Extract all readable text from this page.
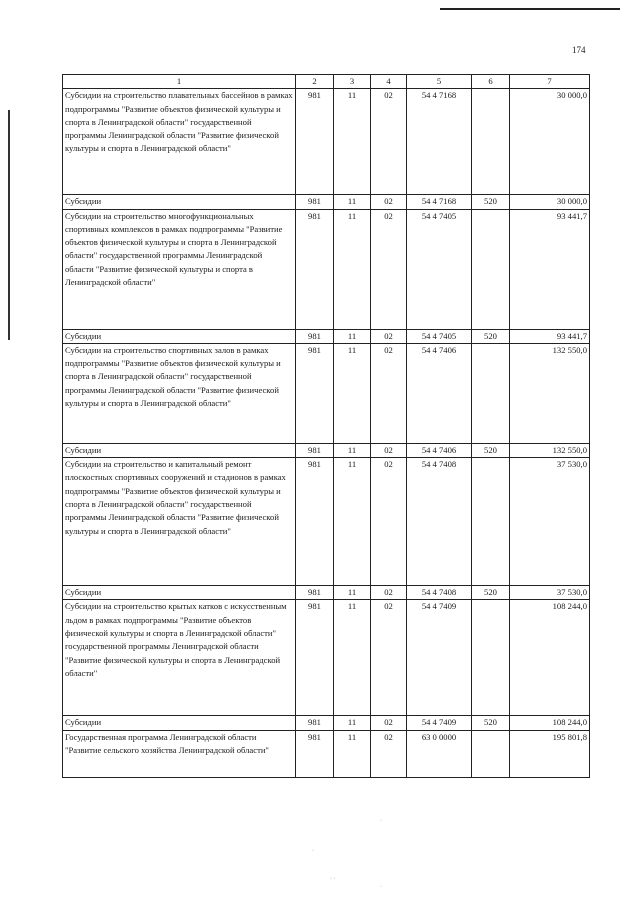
174
1	2	3	4	5	6	7
Субсидии на строительство плавательных бассейнов в рамках подпрограммы "Развитие объектов физической культуры и спорта в Ленинградской области" государственной программы Ленинградской области "Развитие физической культуры и спорта в Ленинградской области"	981	11	02	54 4 7168		30 000,0
Субсидии	981	11	02	54 4 7168	520	30 000,0
Субсидии на строительство многофункциональных спортивных комплексов в рамках подпрограммы "Развитие объектов физической культуры и спорта в Ленинградской области" государственной программы Ленинградской области "Развитие физической культуры и спорта в Ленинградской области"	981	11	02	54 4 7405		93 441,7
Субсидии	981	11	02	54 4 7405	520	93 441,7
Субсидии на строительство спортивных залов в рамках подпрограммы "Развитие объектов физической культуры и спорта в Ленинградской области" государственной программы Ленинградской области "Развитие физической культуры и спорта в Ленинградской области"	981	11	02	54 4 7406		132 550,0
Субсидии	981	11	02	54 4 7406	520	132 550,0
Субсидии на строительство и капитальный ремонт плоскостных спортивных сооружений и стадионов в рамках подпрограммы "Развитие объектов физической культуры и спорта в Ленинградской области" государственной программы Ленинградской области "Развитие физической культуры и спорта в Ленинградской области"	981	11	02	54 4 7408		37 530,0
Субсидии	981	11	02	54 4 7408	520	37 530,0
Субсидии на строительство крытых катков с искусственным льдом в рамках подпрограммы "Развитие объектов физической культуры и спорта в Ленинградской области" государственной программы Ленинградской области "Развитие физической культуры и спорта в Ленинградской области"	981	11	02	54 4 7409		108 244,0
Субсидии	981	11	02	54 4 7409	520	108 244,0
Государственная программа Ленинградской области "Развитие сельского хозяйства Ленинградской области"	981	11	02	63 0 0000		195 801,8
·
·
· ·
·
